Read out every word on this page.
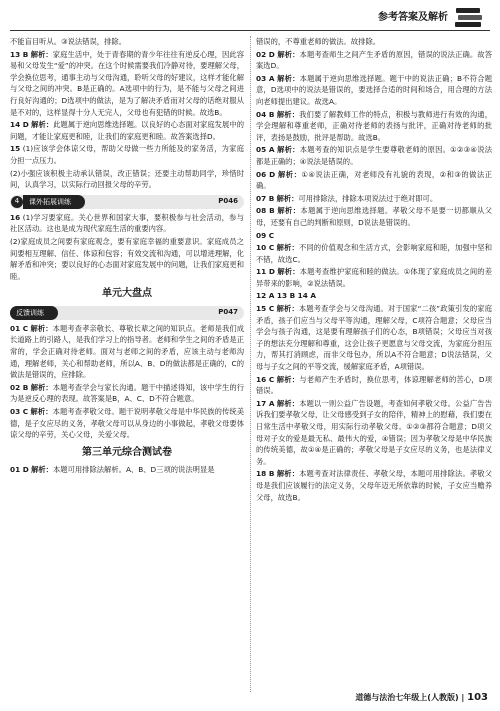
参考答案及解析

不能盲目听从。③说法错误，排除。

13 B 解析：家庭生活中，处于青春期的青少年往往有逆反心理，因此容易和父母发生“爱”的冲突。在这个时候需要我们冷静对待，要理解父母，学会换位思考，通事主动与父母沟通，聆听父母的好建议，这样才能化解与父母之间的冲突。B是正确的。A选项中的行为，是不能与父母之间进行良好沟通的；D选项中的做法，是为了解决矛盾而对父母的话绝对服从是不对的，这样显得十分人无完人，父母也有犯错的时候。故选B。

14 D 解析：此题属于逆向思维选择题。以良好的心态面对家庭发展中的问题，才能让家庭更和睦，让我们的家庭更和睦。故答案选择D。

15 (1)应该学会体谅父母，帮助父母做一些力所能及的家务活，为家庭分担一点压力。

(2)小强应该积极主动承认错误，改正错误；还要主动帮助同学，珍惜时间，认真学习，以实际行动回报父母的辛劳。

4	课外拓展训练	P046

16 (1)学习要家庭。关心世界和国家大事，要积极参与社会活动，参与社区活动。这也是成为现代家庭生活的重要内容。

(2)家庭成员之间要有家庭观念，要有家庭幸福的重要意识。家庭成员之间要相互理解、信任、体谅和包容；有效交流和沟通，可以增进理解，化解矛盾和冲突；要以良好的心态面对家庭发展中的问题，让我们家庭更和睦。

单元大盘点
反馈训练	P047

01 C 解析：本题考查孝亲敬长、尊敬长辈之间的知识点。老师是我们成长道路上的引路人，是我们学习上的指导者。老师和学生之间的矛盾是正常的，学会正确对待老师。面对与老师之间的矛盾，应该主动与老师沟通，理解老师，关心和帮助老师，所以A、B、D的做法都是正确的，C的做法是错误的，应排除。

02 B 解析：本题考查学会与家长沟通。题干中描述得知，该中学生的行为是逆反心理的表现。故答案是B，A、C、D不符合题意。

03 C 解析：本题考查孝敬父母。题干说明孝敬父母是中华民族的传统美德，是子女应尽的义务，孝敬父母可以从身边的小事做起，孝敬父母要体谅父母的辛劳，关心父母，关爱父母。

第三单元综合测试卷

01 D 解析：本题可用排除法解析。A、B、D三项的说法明显是

错误的，不尊重老师的做法。故排除。

02 D 解析：本题考查师生之间产生矛盾的原因，错误的说法正确。故答案选D。

03 A 解析：本题属于逆向思维选择题。题干中的说法正确；B不符合题意，D选项中的说法是错误的，要选择合适的时间和场合，用合理的方法向老师提出建议。故选A。

04 B 解析：我们要了解教师工作的特点，积极与教师进行有效的沟通，学会理解和尊重老师，正确对待老师的表扬与批评，正确对待老师的批评，表扬是鼓励，批评是帮助。故选B。

05 A 解析：本题考查的知识点是学生要尊敬老师的原因。①②③④说法都是正确的；④说法是错误的。

06 D 解析：①④说法正确，对老师没有礼貌的表现，②和③的做法正确。

07 B 解析：可用排除法，排除本项说法过于绝对即可。

08 B 解析：本题属于逆向思维选择题。孝敬父母不是要一切都顺从父母，还要有自己的判断和原则，D说法是错误的。

09 C

10 C 解析：不同的价值观念和生活方式，会影响家庭和睦，加强中坚和不错，故选C。

11 D 解析：本题考查维护家庭和睦的做法。①体现了家庭成员之间的差异带来的影响，②说法错误。

12 A 13 B 14 A

15 C 解析：本题考查学会与父母沟通。对于国家“二孩”政策引发的家庭矛盾，孩子们应当与父母平等沟通，理解父母，C项符合题意；父母应当学会与孩子沟通，这是要有理解孩子们的心态，B项错误；父母应当对孩子的想法充分理解和尊重，这会让孩子更愿意与父母交流，为家庭分担压力，帮其打消顾虑，而非父母包办，所以A不符合题意；D说法错误，父母与子女之间的平等交流，缓解家庭矛盾，A项错误。

16 C 解析：与老师产生矛盾时，换位思考，体谅理解老师的苦心，D项错误。

17 A 解析：本题以一则公益广告设题，考查如何孝敬父母。公益广告告诉我们要孝敬父母，让父母感受到子女的陪伴，精神上的慰藉，我们要在日常生活中孝敬父母，用实际行动孝敬父母。①②③都符合题意；D项父母对子女的爱是最无私、最伟大的爱，④错误；因为孝敬父母是中华民族的传统美德，故①④是正确的；孝敬父母是子女应尽的义务，也是法律义务。

18 B 解析：本题考查对法律责任、孝敬父母，本题可用排除法。孝敬父母是我们应该履行的法定义务，父母年迈无所依靠的时候，子女应当赡养父母，故选B。

道德与法治七年级上(人教版) | 103
